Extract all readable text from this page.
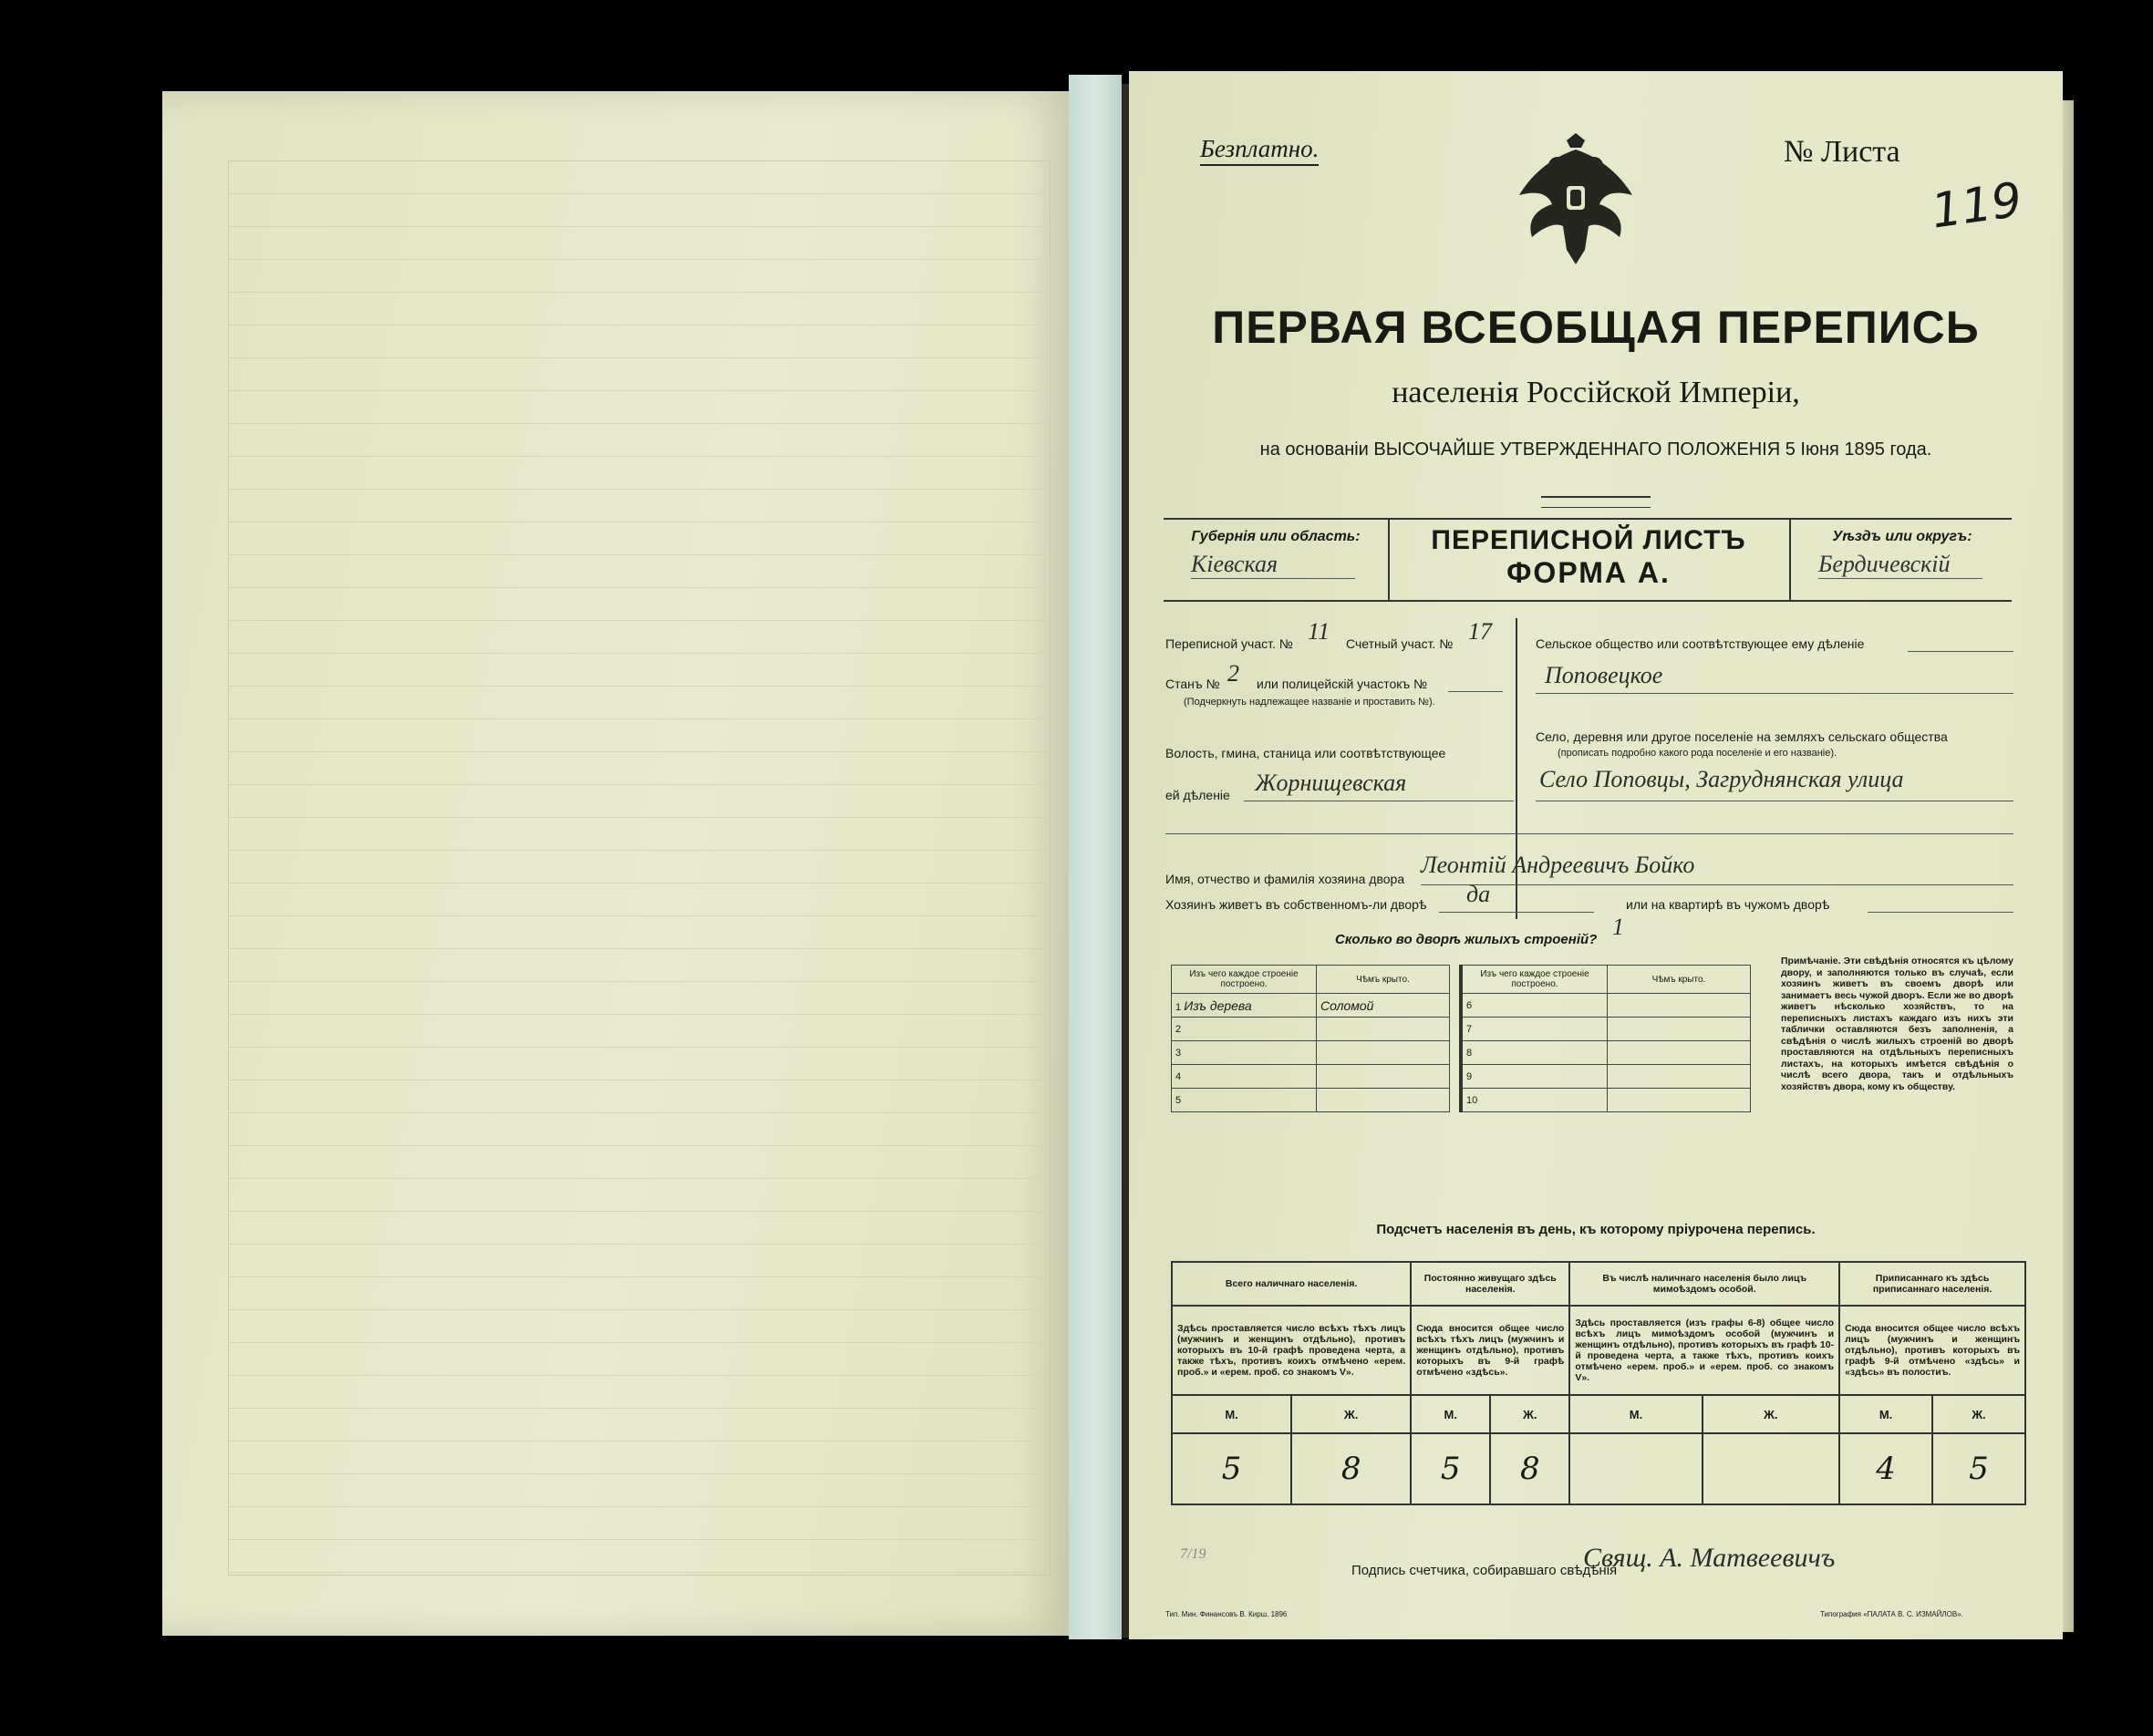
Безплатно.	№ Листа
119
ПЕРВАЯ ВСЕОБЩАЯ ПЕРЕПИСЬ
населенія Россійской Имперіи,
на основаніи ВЫСОЧАЙШЕ УТВЕРЖДЕННАГО ПОЛОЖЕНІЯ 5 Іюня 1895 года.
Губернія или область:
Кіевская
ПЕРЕПИСНОЙ ЛИСТЪ
ФОРМА А.
Уѣздъ или округъ:
Бердичевскій
Переписной участ. № 11 Счетный участ. № 17
Станъ № 2 или полицейскій участокъ №
(Подчеркнуть надлежащее названіе и проставить №).
Волость, гмина, станица или соотвѣтствующее
ей дѣленіе Жорнищевская
Сельское общество или соотвѣтствующее ему дѣленіе
Поповецкое
Село, деревня или другое поселеніе на земляхъ сельскаго общества
(прописать подробно какого рода поселеніе и его названіе).
Село Поповцы, Загруднянская улица
Имя, отчество и фамилія хозяина двора
Леонтій Андреевичъ Бойко
Хозяинъ живетъ въ собственномъ-ли дворѣ да	или на квартирѣ въ чужомъ дворѣ
Сколько во дворѣ жилыхъ строеній? 1
Изъ чего каждое строеніе построено.	Чѣмъ крыто.
1 Изъ дерева	Соломой
2	
3	
4	
5	
Изъ чего каждое строеніе построено.	Чѣмъ крыто.
6	
7	
8	
9	
10	
Примѣчаніе. Эти свѣдѣнія относятся къ цѣлому двору, и заполняются только въ случаѣ, если хозяинъ живетъ въ своемъ дворѣ или занимаетъ весь чужой дворъ. Если же во дворѣ живетъ нѣсколько хозяйствъ, то на переписныхъ листахъ каждаго изъ нихъ эти таблички оставляются безъ заполненія, а свѣдѣнія о числѣ жилыхъ строеній во дворѣ проставляются на отдѣльныхъ переписныхъ листахъ, на которыхъ имѣется свѣдѣнія о числѣ всего двора, такъ и отдѣльныхъ хозяйствъ двора, кому къ обществу.
Подсчетъ населенія въ день, къ которому пріурочена перепись.
Всего наличнаго населенія.		Постоянно живущаго здѣсь населенія.		Въ числѣ наличнаго населенія было лицъ мимоѣздомъ особой.		Приписаннаго къ здѣсь приписаннаго населенія.	
Здѣсь проставляется число всѣхъ тѣхъ лицъ (мужчинъ и женщинъ отдѣльно), противъ которыхъ въ 10-й графѣ проведена черта, а также тѣхъ, противъ коихъ отмѣчено «ерем. проб.» и «ерем. проб. со знакомъ V».		Сюда вносится общее число всѣхъ тѣхъ лицъ (мужчинъ и женщинъ отдѣльно), противъ которыхъ въ 9-й графѣ отмѣчено «здѣсь».		Здѣсь проставляется (изъ графы 6-8) общее число всѣхъ лицъ мимоѣздомъ особой (мужчинъ и женщинъ отдѣльно), противъ которыхъ въ графѣ 10-й проведена черта, а также тѣхъ, противъ коихъ отмѣчено «ерем. проб.» и «ерем. проб. со знакомъ V».		Сюда вносится общее число всѣхъ лицъ (мужчинъ и женщинъ отдѣльно), противъ которыхъ въ графѣ 9-й отмѣчено «здѣсь» и «здѣсь» въ полостиъ.	
М.	Ж.	М.	Ж.	М.	Ж.	М.	Ж.
5	8	5	8			4	5
7/19
Подпись счетчика, собиравшаго свѣдѣнія
Свящ. А. Матвеевичъ
Тип. Мин. Финансовъ В. Кирш. 1896	Типография «ПАЛАТА В. С. ИЗМАЙЛОВ».
